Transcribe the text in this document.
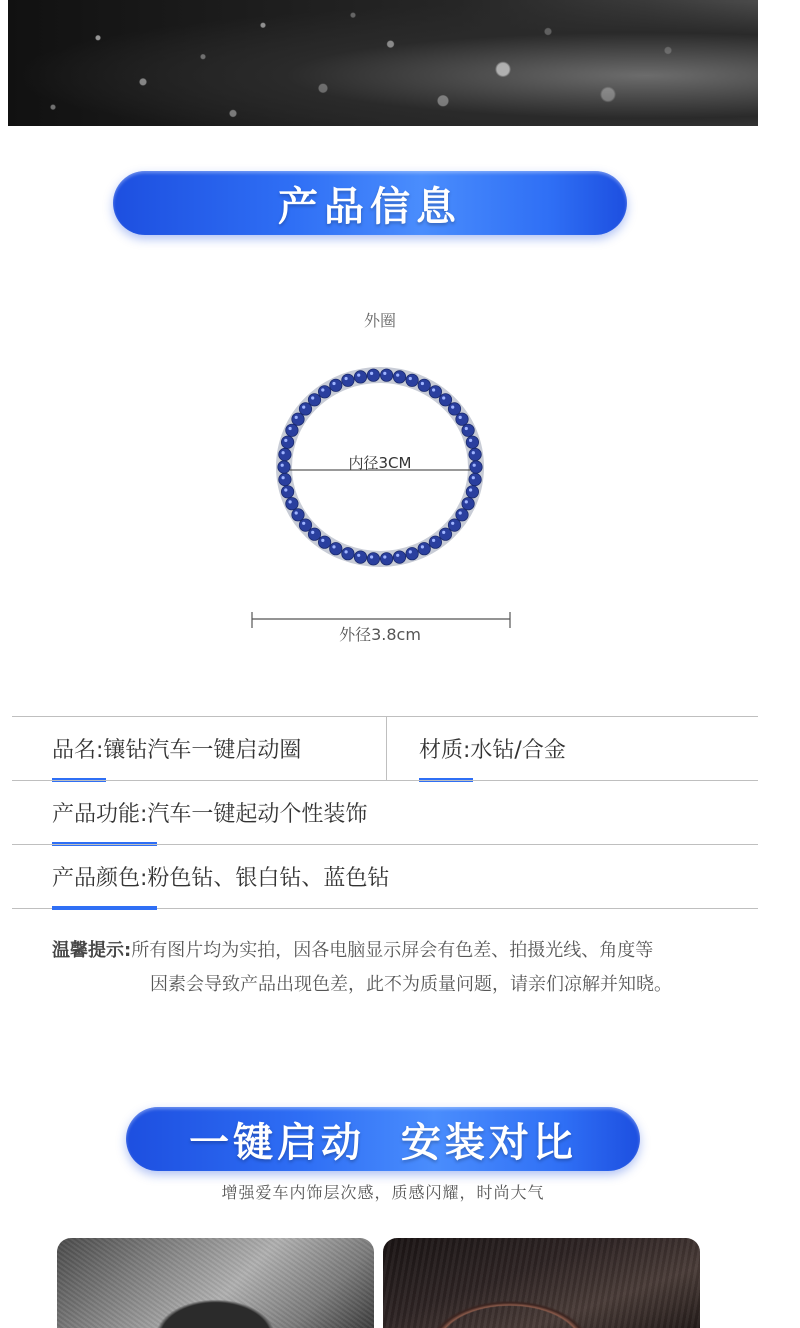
产品信息
外圈
内径3CM
外径3.8cm
品名: 镶钻汽车一键启动圈	材质: 水钻/合金
产品功能: 汽车一键起动个性装饰
产品颜色: 粉色钻、银白钻、蓝色钻
温馨提示:所有图片均为实拍，因各电脑显示屏会有色差、拍摄光线、角度等
因素会导致产品出现色差，此不为质量问题，请亲们凉解并知晓。
一键启动  安装对比
增强爱车内饰层次感，质感闪耀，时尚大气
